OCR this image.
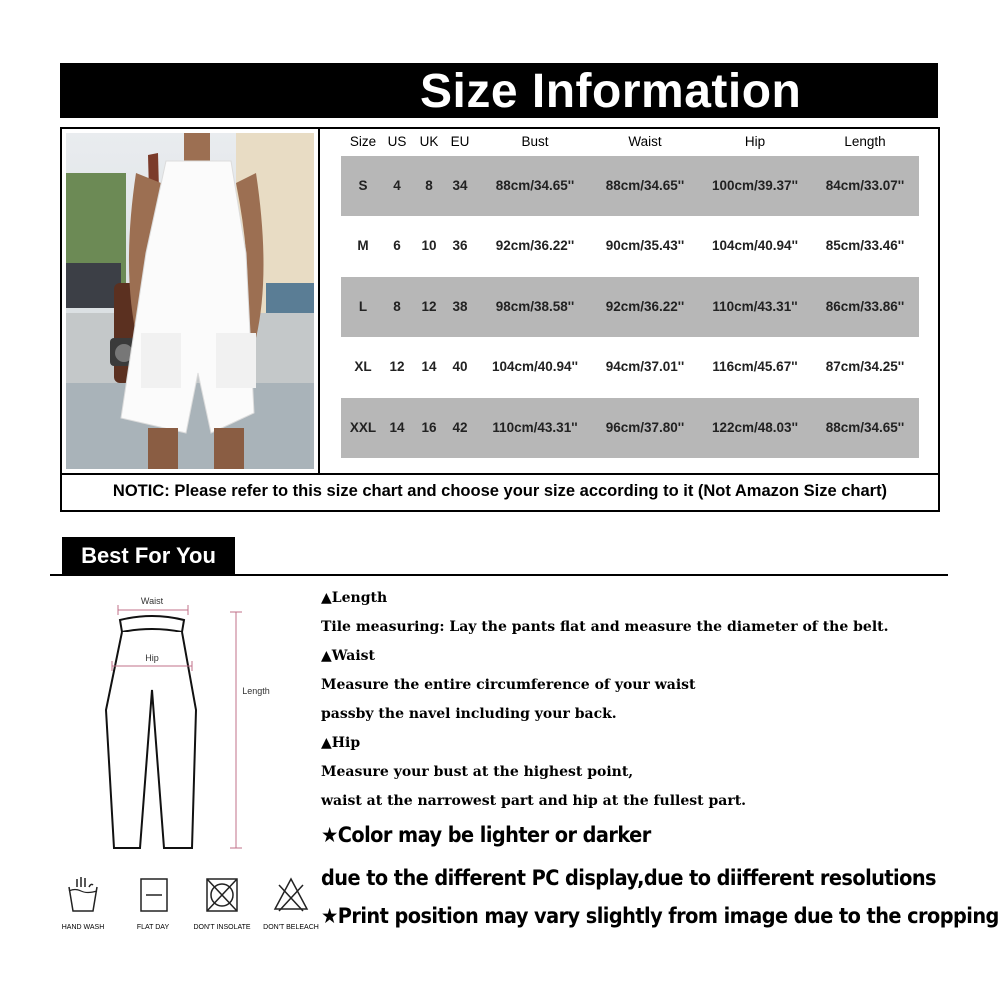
Size Information
Size US UK EU	Bust	Waist	Hip	Length
S	4	8	34	88cm/34.65''	88cm/34.65''	100cm/39.37''	84cm/33.07''
M	6	10	36	92cm/36.22''	90cm/35.43''	104cm/40.94''	85cm/33.46''
L	8	12	38	98cm/38.58''	92cm/36.22''	110cm/43.31''	86cm/33.86''
XL	12	14	40	104cm/40.94''	94cm/37.01''	116cm/45.67''	87cm/34.25''
XXL 14	16	42	110cm/43.31''	96cm/37.80''	122cm/48.03''	88cm/34.65''
NOTIC: Please refer to this size chart and choose your size according to it (Not Amazon Size chart)
Best For You
Waist
Hip
Length
HAND WASH	FLAT DAY	DON'T INSOLATE	DON'T BELEACH
▲Length
Tile measuring: Lay the pants flat and measure the diameter of the belt.
▲Waist
Measure the entire circumference of your waist
passby the navel including your back.
▲Hip
Measure your bust at the highest point,
waist at the narrowest part and hip at the fullest part.
★Color may be lighter or darker
due to the different PC display,due to diifferent resolutions
★Print position may vary slightly from image due to the cropping
